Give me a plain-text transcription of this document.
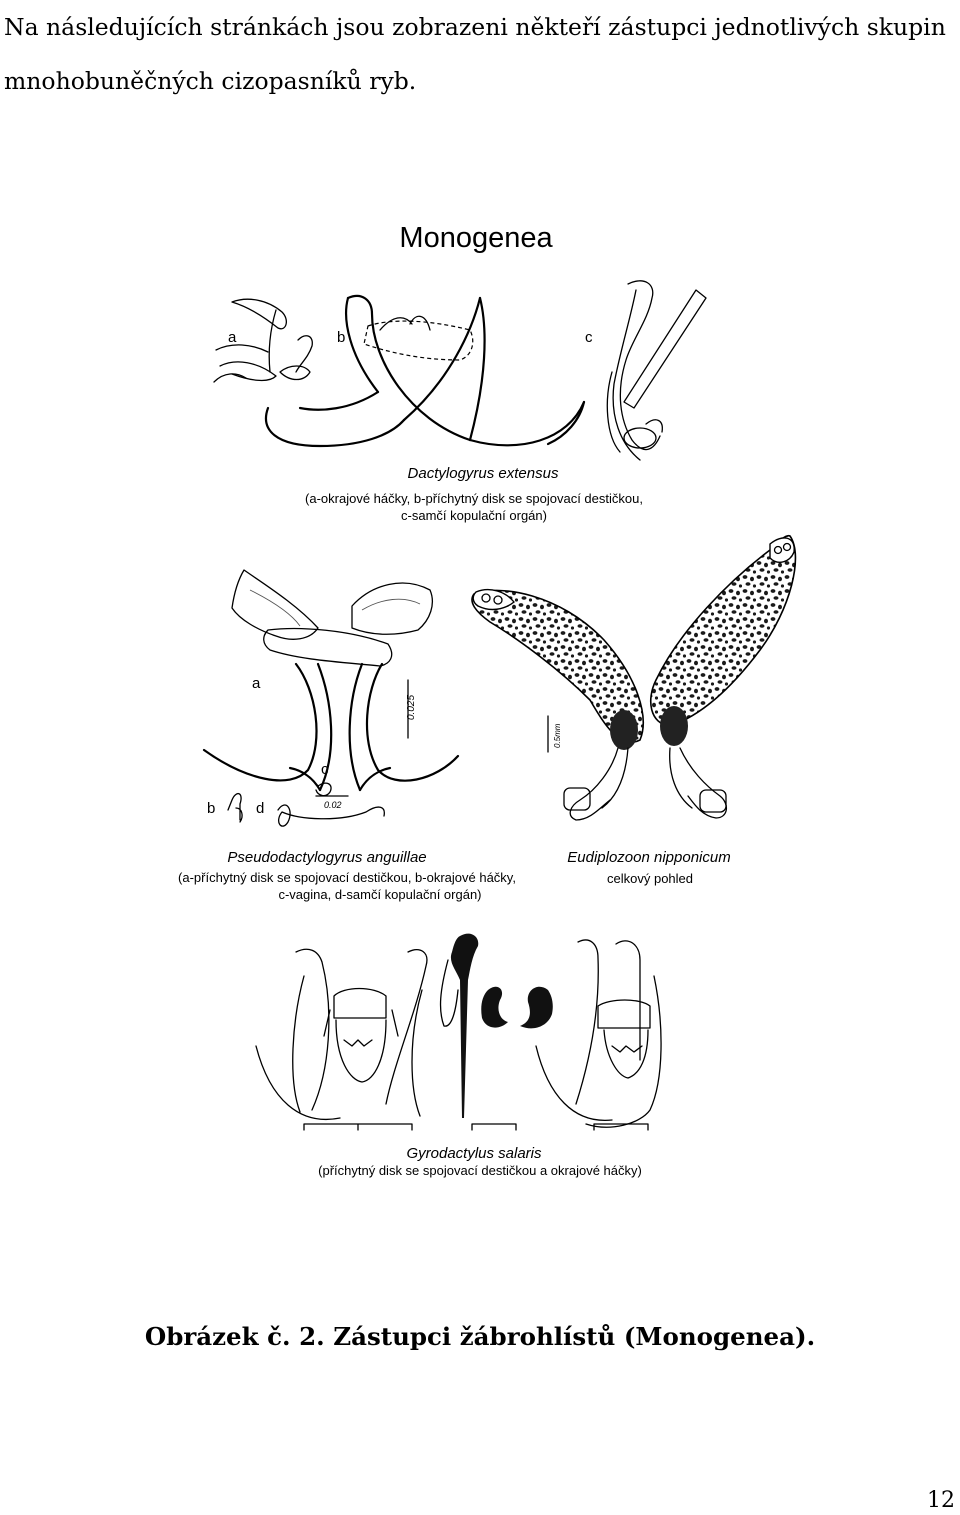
Na následujících stránkách jsou zobrazeni někteří zástupci jednotlivých skupin
mnohobuněčných cizopasníků ryb.

Monogenea
a	b	c
Dactylogyrus extensus
(a-okrajové háčky, b-příchytný disk se spojovací destičkou,
c-samčí kopulační orgán)
0.025
0.02
a
b
c
d
Pseudodactylogyrus anguillae
(a-příchytný disk se spojovací destičkou, b-okrajové háčky,
c-vagina, d-samčí kopulační orgán)
0.5mm
Eudiplozoon nipponicum
celkový pohled
Gyrodactylus salaris
(příchytný disk se spojovací destičkou a okrajové háčky)

Obrázek č. 2. Zástupci žábrohlístů (Monogenea).

12
